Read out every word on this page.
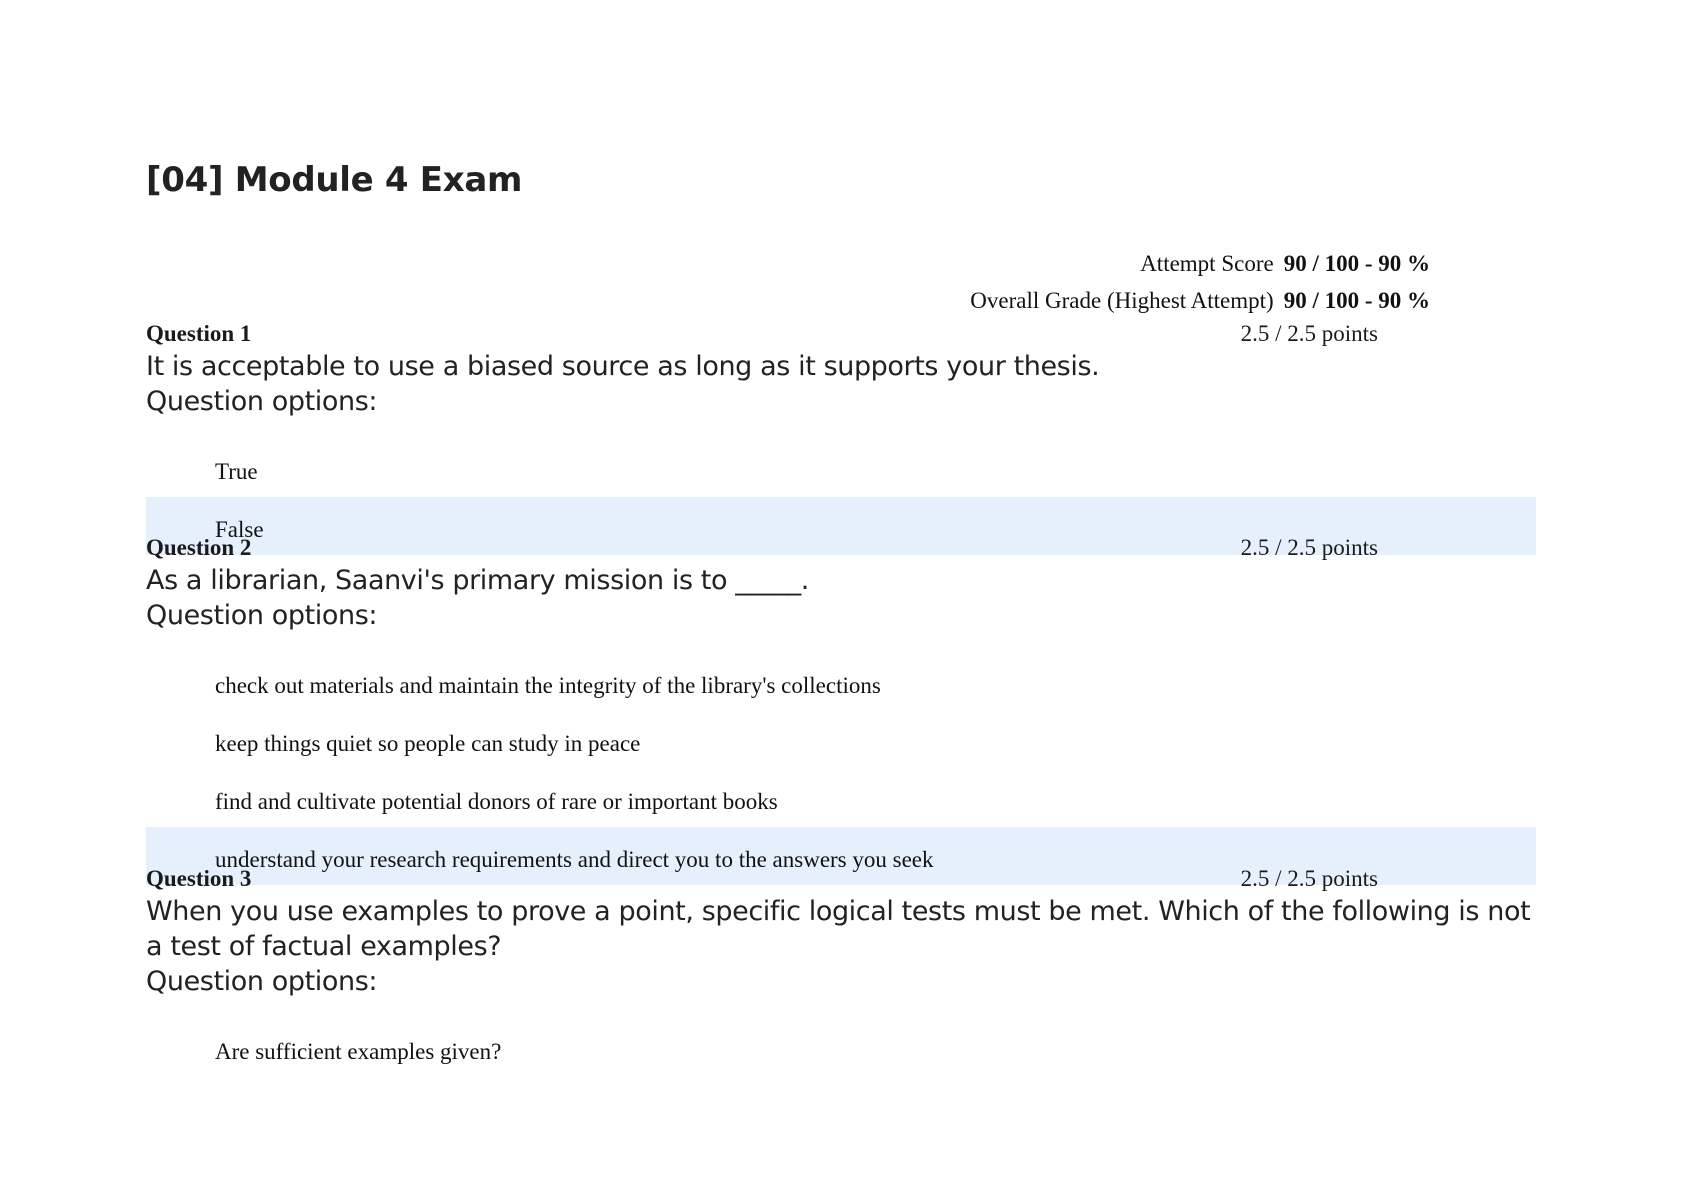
[04] Module 4 Exam
Attempt Score 90 / 100 - 90 %
Overall Grade (Highest Attempt) 90 / 100 - 90 %
Question 1	2.5 / 2.5 points
It is acceptable to use a biased source as long as it supports your thesis.
Question options:
True
False
Question 2	2.5 / 2.5 points
As a librarian, Saanvi's primary mission is to _____.
Question options:
check out materials and maintain the integrity of the library's collections
keep things quiet so people can study in peace
find and cultivate potential donors of rare or important books
understand your research requirements and direct you to the answers you seek
Question 3	2.5 / 2.5 points
When you use examples to prove a point, specific logical tests must be met. Which of the following is not a test of factual examples?
Question options:
Are sufficient examples given?
